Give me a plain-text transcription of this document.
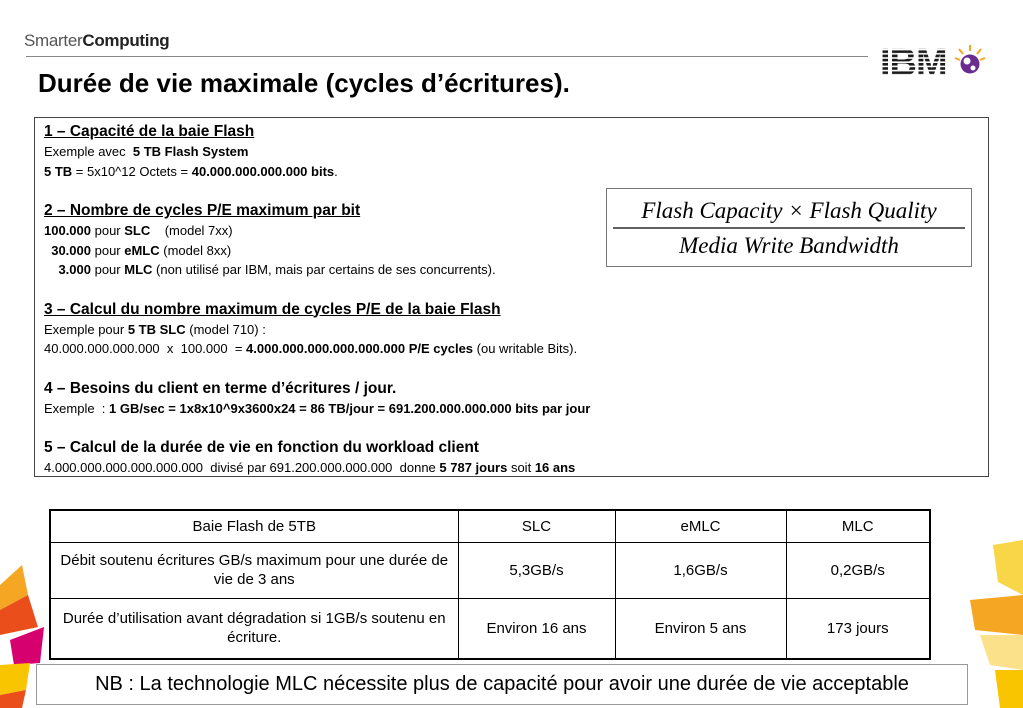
SmarterComputing
IBM
Durée de vie maximale (cycles d’écritures).

1 – Capacité de la baie Flash

Exemple avec  5 TB Flash System

5 TB = 5x10^12 Octets = 40.000.000.000.000 bits.

2 – Nombre de cycles P/E maximum par bit

100.000 pour SLC    (model 7xx)

30.000 pour eMLC (model 8xx)

3.000 pour MLC (non utilisé par IBM, mais par certains de ses concurrents).

3 – Calcul du nombre maximum de cycles P/E de la baie Flash

Exemple pour 5 TB SLC (model 710) :

40.000.000.000.000  x  100.000  = 4.000.000.000.000.000.000 P/E cycles (ou writable Bits).

4 – Besoins du client en terme d’écritures / jour.

Exemple  : 1 GB/sec = 1x8x10^9x3600x24 = 86 TB/jour = 691.200.000.000.000 bits par jour

5 – Calcul de la durée de vie en fonction du workload client

4.000.000.000.000.000.000  divisé par 691.200.000.000.000  donne 5 787 jours soit 16 ans

Flash Capacity × Flash Quality
Media Write Bandwidth
Baie Flash de 5TB	SLC	eMLC	MLC
Débit soutenu écritures GB/s maximum pour une durée de vie de 3 ans	5,3GB/s	1,6GB/s	0,2GB/s
Durée d’utilisation avant dégradation si 1GB/s soutenu en écriture.	Environ 16 ans	Environ 5 ans	173 jours
NB : La technologie MLC nécessite plus de capacité pour avoir une durée de vie acceptable
